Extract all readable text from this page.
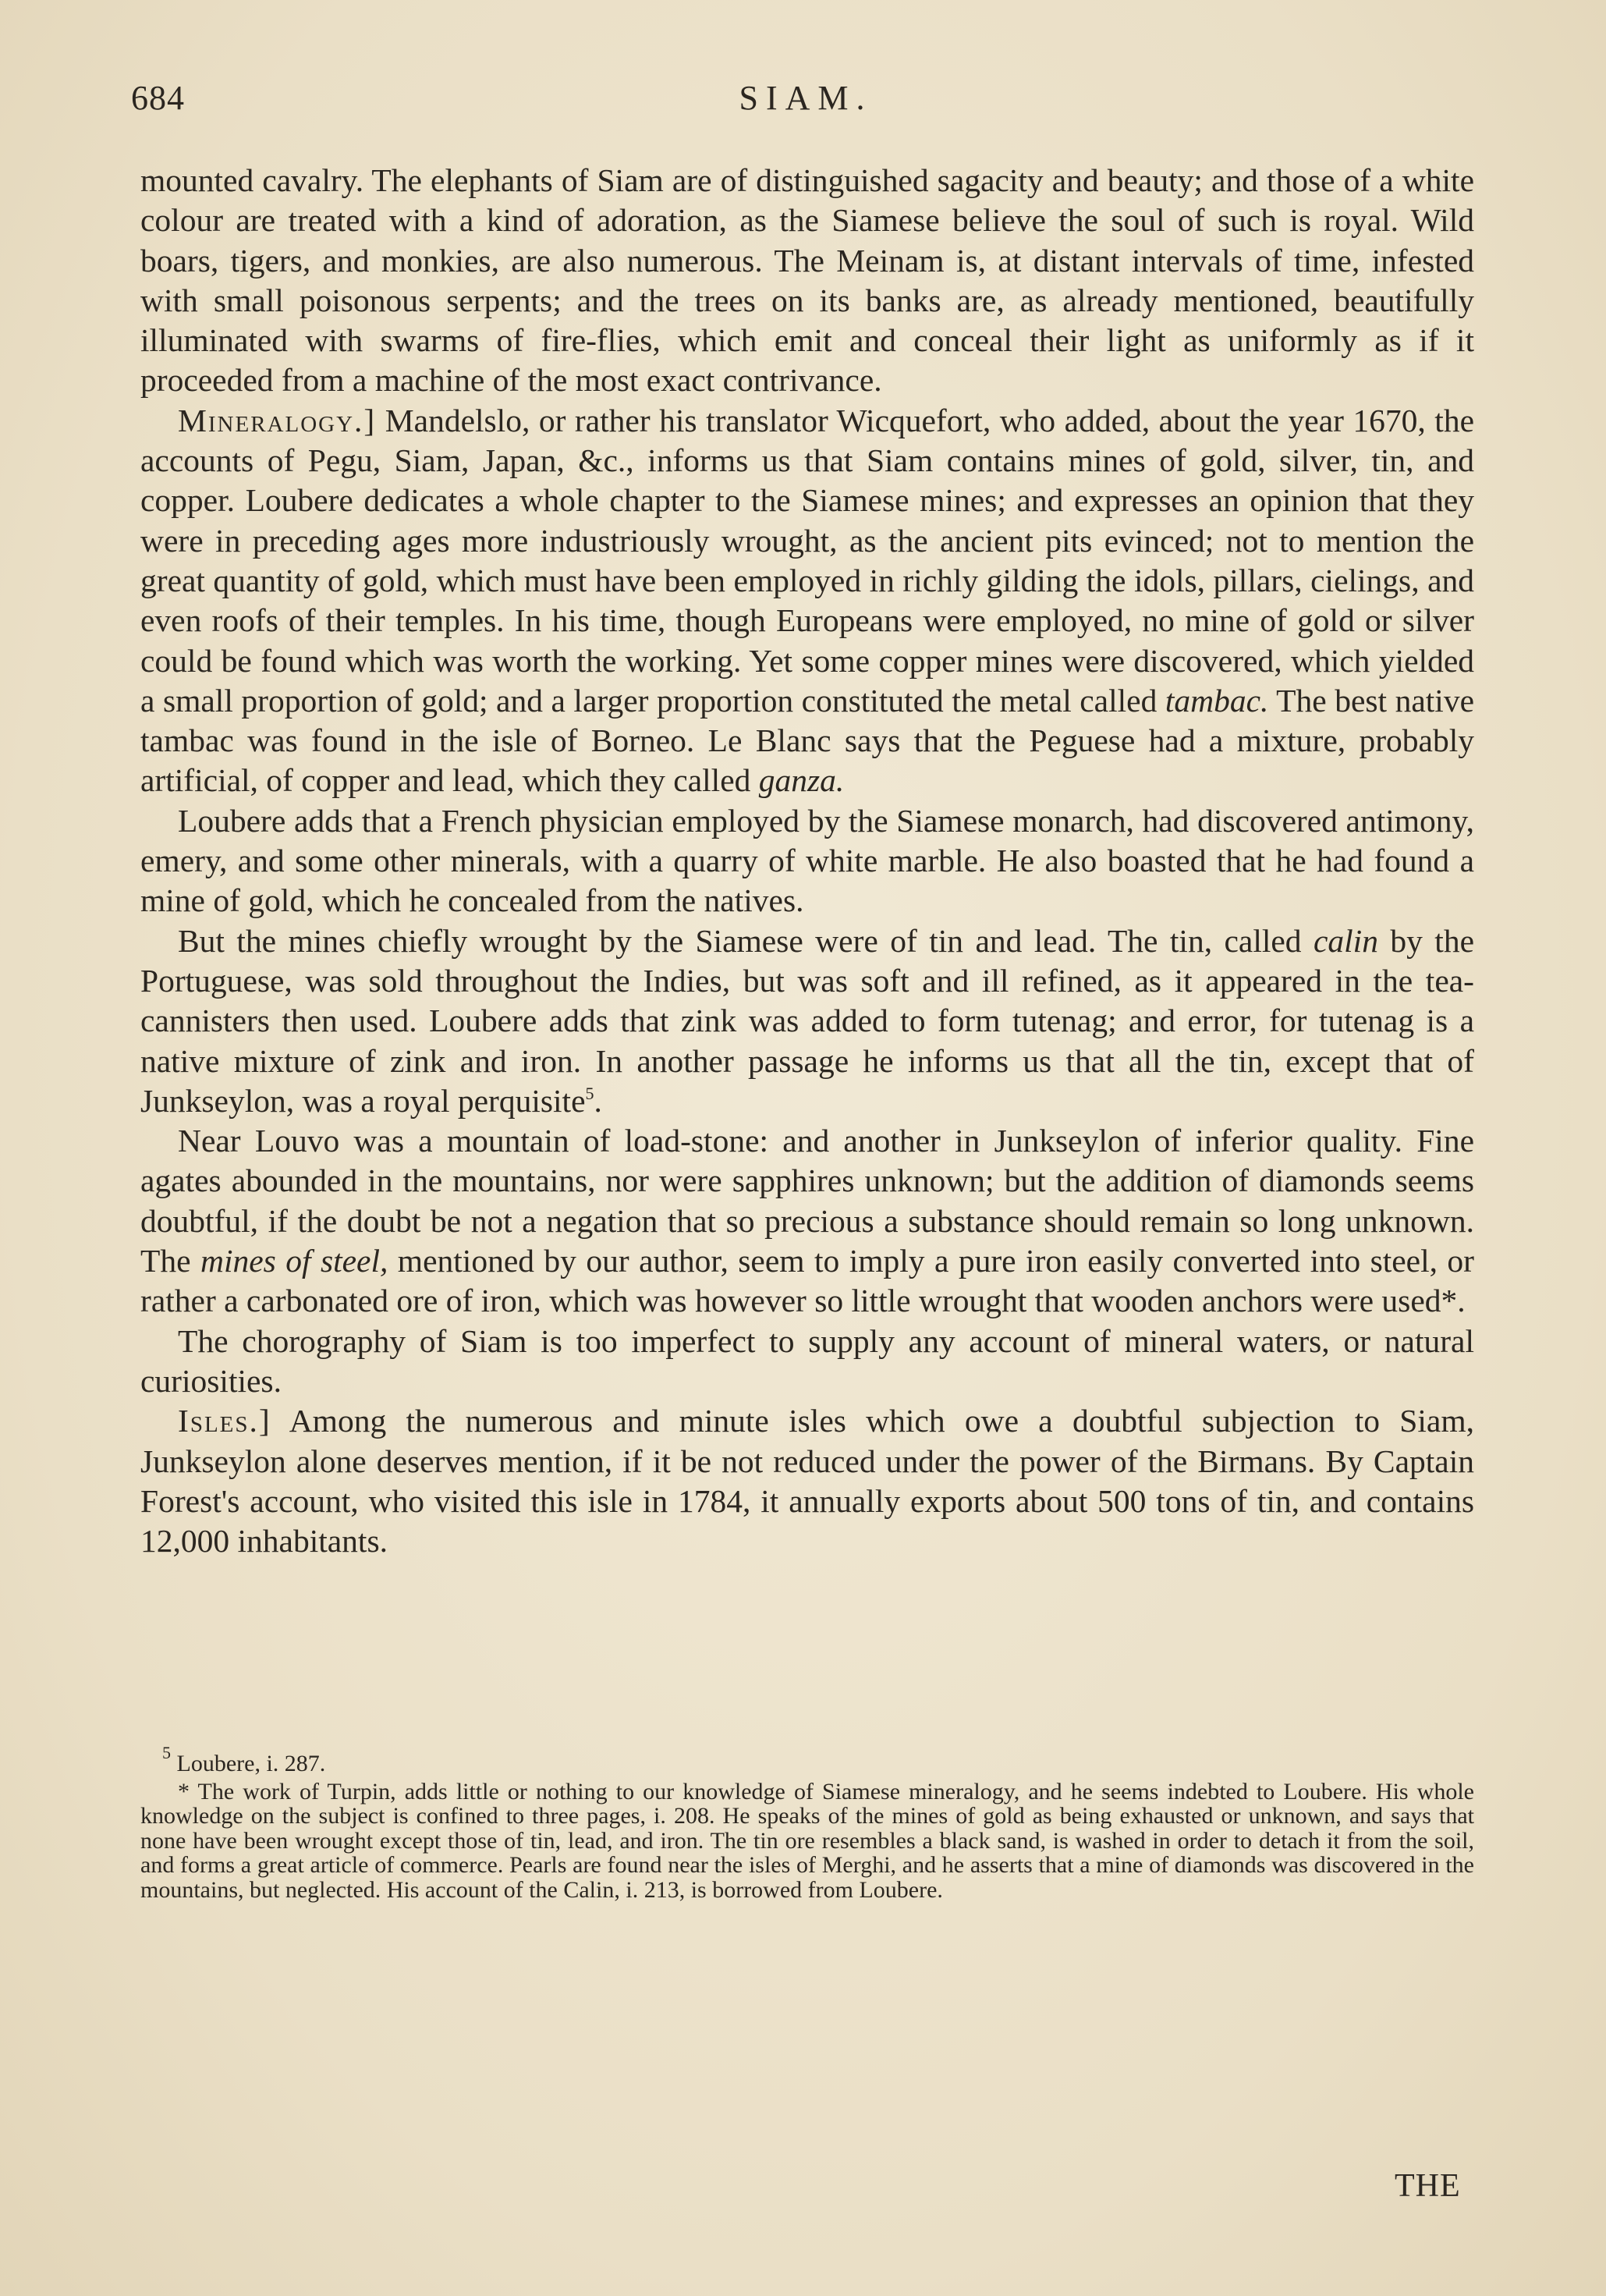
684	SIAM.

mounted cavalry. The elephants of Siam are of distinguished sagacity and beauty; and those of a white colour are treated with a kind of adoration, as the Siamese believe the soul of such is royal. Wild boars, tigers, and monkies, are also numerous. The Meinam is, at distant intervals of time, infested with small poisonous serpents; and the trees on its banks are, as already mentioned, beautifully illuminated with swarms of fire-flies, which emit and conceal their light as uniformly as if it proceeded from a machine of the most exact contrivance.

Mineralogy.] Mandelslo, or rather his translator Wicquefort, who added, about the year 1670, the accounts of Pegu, Siam, Japan, &c., informs us that Siam contains mines of gold, silver, tin, and copper. Loubere dedicates a whole chapter to the Siamese mines; and expresses an opinion that they were in preceding ages more industriously wrought, as the ancient pits evinced; not to mention the great quantity of gold, which must have been employed in richly gilding the idols, pillars, cielings, and even roofs of their temples. In his time, though Europeans were employed, no mine of gold or silver could be found which was worth the working. Yet some copper mines were discovered, which yielded a small proportion of gold; and a larger proportion constituted the metal called tambac. The best native tambac was found in the isle of Borneo. Le Blanc says that the Peguese had a mixture, probably artificial, of copper and lead, which they called ganza.

Loubere adds that a French physician employed by the Siamese monarch, had discovered antimony, emery, and some other minerals, with a quarry of white marble. He also boasted that he had found a mine of gold, which he concealed from the natives.

But the mines chiefly wrought by the Siamese were of tin and lead. The tin, called calin by the Portuguese, was sold throughout the Indies, but was soft and ill refined, as it appeared in the tea-cannisters then used. Loubere adds that zink was added to form tutenag; and error, for tutenag is a native mixture of zink and iron. In another passage he informs us that all the tin, except that of Junkseylon, was a royal perquisite$^5$.

Near Louvo was a mountain of load-stone: and another in Junkseylon of inferior quality. Fine agates abounded in the mountains, nor were sapphires unknown; but the addition of diamonds seems doubtful, if the doubt be not a negation that so precious a substance should remain so long unknown. The mines of steel, mentioned by our author, seem to imply a pure iron easily converted into steel, or rather a carbonated ore of iron, which was however so little wrought that wooden anchors were used*.

The chorography of Siam is too imperfect to supply any account of mineral waters, or natural curiosities.

Isles.] Among the numerous and minute isles which owe a doubtful subjection to Siam, Junkseylon alone deserves mention, if it be not reduced under the power of the Birmans. By Captain Forest's account, who visited this isle in 1784, it annually exports about 500 tons of tin, and contains 12,000 inhabitants.

$^5$ Loubere, i. 287.

* The work of Turpin, adds little or nothing to our knowledge of Siamese mineralogy, and he seems indebted to Loubere. His whole knowledge on the subject is confined to three pages, i. 208. He speaks of the mines of gold as being exhausted or unknown, and says that none have been wrought except those of tin, lead, and iron. The tin ore resembles a black sand, is washed in order to detach it from the soil, and forms a great article of commerce. Pearls are found near the isles of Merghi, and he asserts that a mine of diamonds was discovered in the mountains, but neglected. His account of the Calin, i. 213, is borrowed from Loubere.

THE
